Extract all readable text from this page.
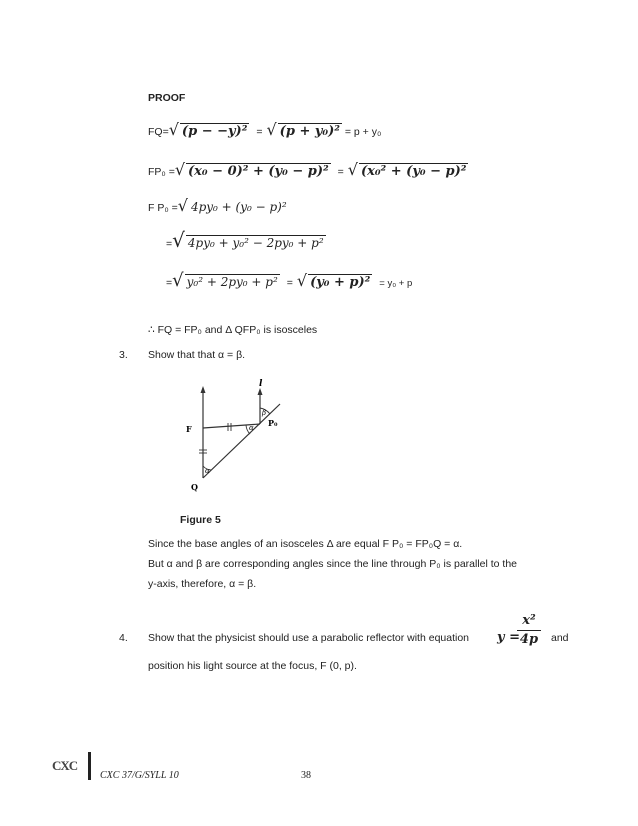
PROOF
FQ=√ (p − −y)² = √ (p + y₀)² = p + y₀
FP₀ =√ (x₀ − 0)² + (y₀ − p)² = √ (x₀² + (y₀ − p)²
F P₀ =√ 4py₀ + (y₀ − p)²
=√ 4py₀ + y₀² − 2py₀ + p²
=√ y₀² + 2py₀ + p² = √ (y₀ + p)² = y₀ + p
∴ FQ = FP₀ and Δ QFP₀ is isosceles
3. Show that that α = β.
l
F
Q
P₀
α
α
β
Figure 5
Since the base angles of an isosceles Δ are equal F P₀ = FP₀Q = α.
But α and β are corresponding angles since the line through P₀ is parallel to the
y-axis, therefore, α = β.
4. Show that the physicist should use a parabolic reflector with equation y =
$\frac{\text{x²}}{4p}$ and
position his light source at the focus, F (0, p).
CXC
CXC 37/G/SYLL 10	38
